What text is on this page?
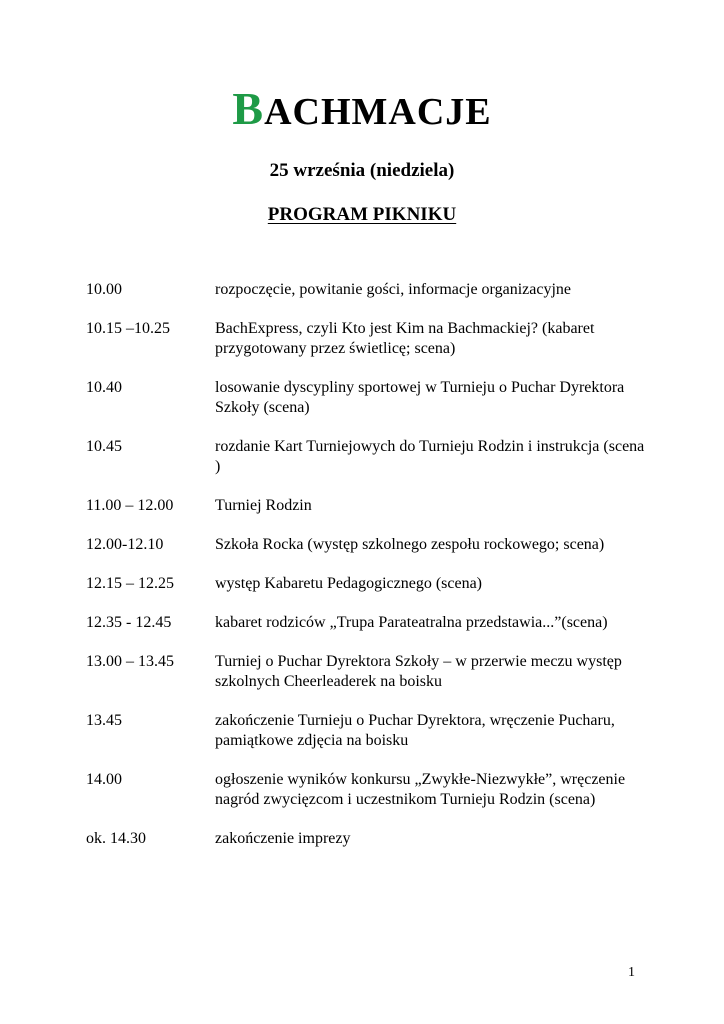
BACHMACJE
25 września (niedziela)
PROGRAM PIKNIKU
10.00	rozpoczęcie, powitanie gości, informacje organizacyjne
10.15 –10.25	BachExpress, czyli Kto jest Kim na Bachmackiej? (kabaret przygotowany przez świetlicę; scena)
10.40	losowanie dyscypliny sportowej w Turnieju o Puchar Dyrektora Szkoły (scena)
10.45	rozdanie Kart Turniejowych do Turnieju Rodzin i instrukcja (scena )
11.00 – 12.00	Turniej Rodzin
12.00-12.10	Szkoła Rocka (występ szkolnego zespołu rockowego; scena)
12.15 – 12.25	występ Kabaretu Pedagogicznego (scena)
12.35 - 12.45	kabaret rodziców „Trupa Parateatralna przedstawia...”(scena)
13.00 – 13.45	Turniej o Puchar Dyrektora Szkoły – w przerwie meczu występ szkolnych Cheerleaderek na boisku
13.45	zakończenie Turnieju o Puchar Dyrektora, wręczenie Pucharu, pamiątkowe zdjęcia na boisku
14.00	ogłoszenie wyników konkursu „Zwykłe-Niezwykłe”, wręczenie nagród zwycięzcom i uczestnikom Turnieju Rodzin (scena)
ok. 14.30	zakończenie imprezy
1
